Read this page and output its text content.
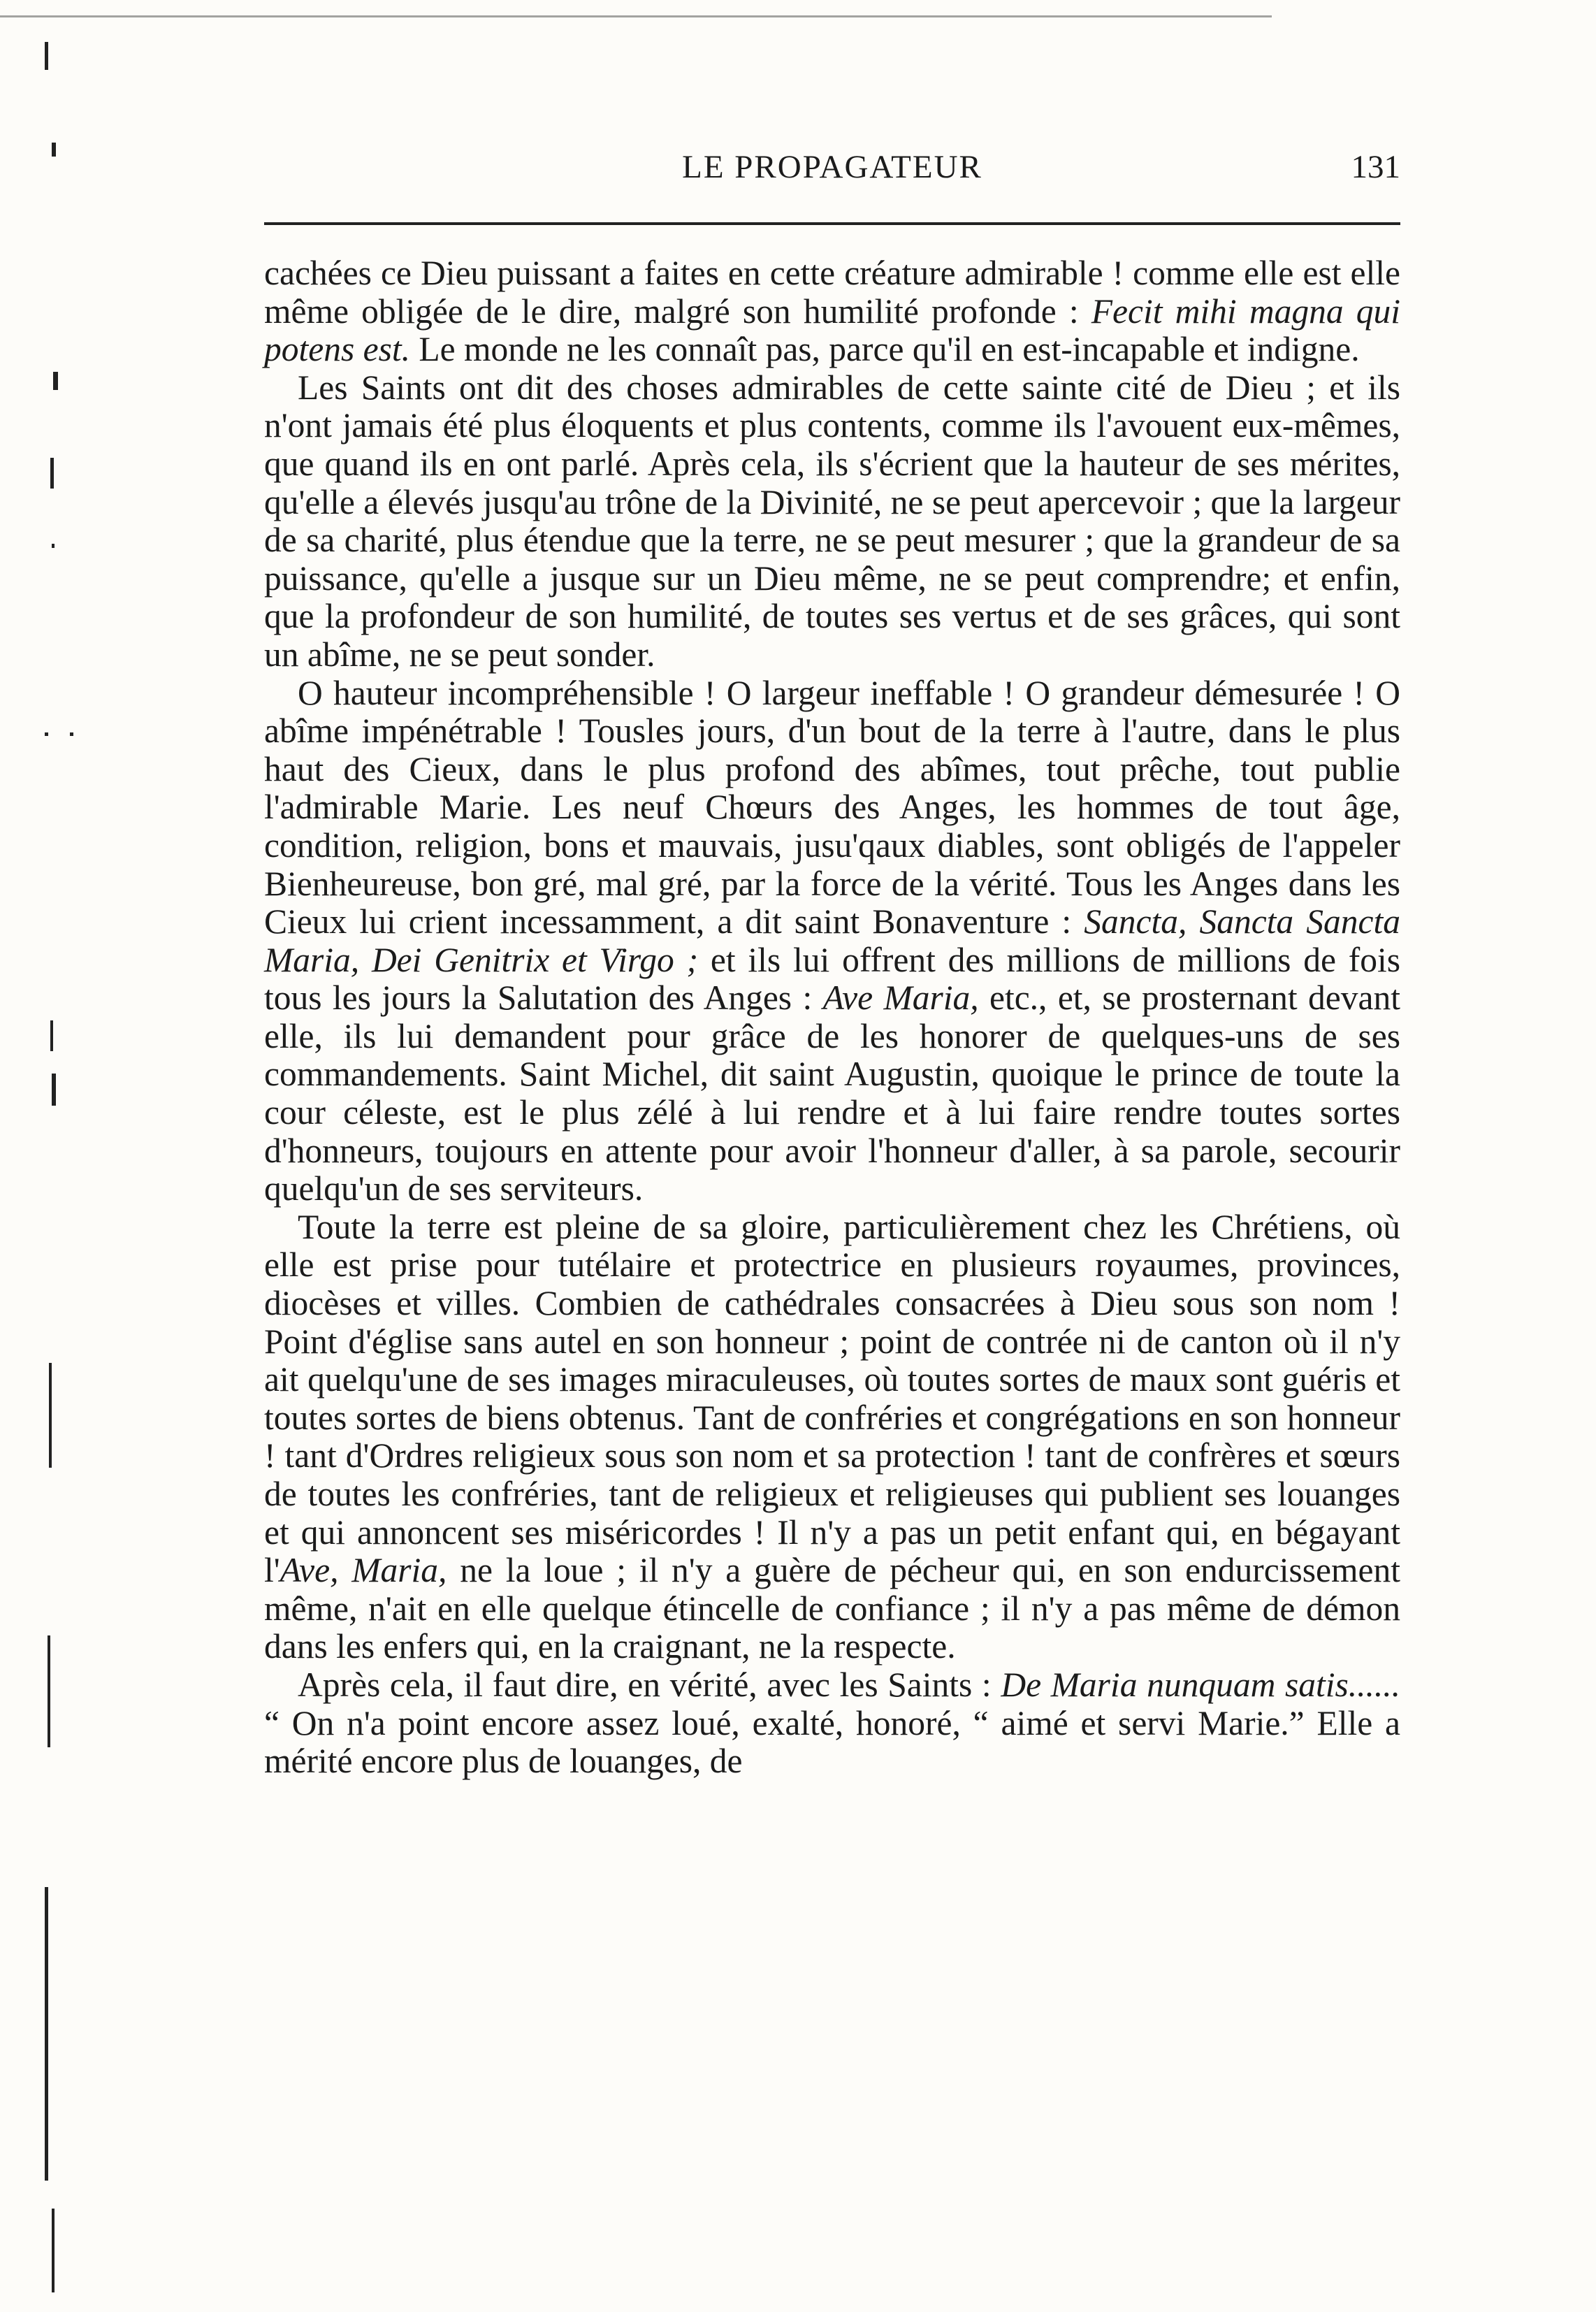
LE PROPAGATEUR	131

cachées ce Dieu puissant a faites en cette créature admirable ! comme elle est elle même obligée de le dire, malgré son humilité profonde : Fecit mihi magna qui potens est. Le monde ne les connaît pas, parce qu'il en est-incapable et indigne.

Les Saints ont dit des choses admirables de cette sainte cité de Dieu ; et ils n'ont jamais été plus éloquents et plus contents, comme ils l'avouent eux-mêmes, que quand ils en ont parlé. Après cela, ils s'écrient que la hauteur de ses mérites, qu'elle a élevés jusqu'au trône de la Divinité, ne se peut apercevoir ; que la largeur de sa charité, plus étendue que la terre, ne se peut mesurer ; que la grandeur de sa puissance, qu'elle a jusque sur un Dieu même, ne se peut comprendre; et enfin, que la profondeur de son humilité, de toutes ses vertus et de ses grâces, qui sont un abîme, ne se peut sonder.

O hauteur incompréhensible ! O largeur ineffable ! O grandeur démesurée ! O abîme impénétrable ! Tousles jours, d'un bout de la terre à l'autre, dans le plus haut des Cieux, dans le plus profond des abîmes, tout prêche, tout publie l'admirable Marie. Les neuf Chœurs des Anges, les hommes de tout âge, condition, religion, bons et mauvais, jusu'qaux diables, sont obligés de l'appeler Bienheureuse, bon gré, mal gré, par la force de la vérité. Tous les Anges dans les Cieux lui crient incessamment, a dit saint Bonaventure : Sancta, Sancta Sancta Maria, Dei Genitrix et Virgo ; et ils lui offrent des millions de millions de fois tous les jours la Salutation des Anges : Ave Maria, etc., et, se prosternant devant elle, ils lui demandent pour grâce de les honorer de quelques-uns de ses commandements. Saint Michel, dit saint Augustin, quoique le prince de toute la cour céleste, est le plus zélé à lui rendre et à lui faire rendre toutes sortes d'honneurs, toujours en attente pour avoir l'honneur d'aller, à sa parole, secourir quelqu'un de ses serviteurs.

Toute la terre est pleine de sa gloire, particulièrement chez les Chrétiens, où elle est prise pour tutélaire et protectrice en plusieurs royaumes, provinces, diocèses et villes. Combien de cathédrales consacrées à Dieu sous son nom ! Point d'église sans autel en son honneur ; point de contrée ni de canton où il n'y ait quelqu'une de ses images miraculeuses, où toutes sortes de maux sont guéris et toutes sortes de biens obtenus. Tant de confréries et congrégations en son honneur ! tant d'Ordres religieux sous son nom et sa protection ! tant de confrères et sœurs de toutes les confréries, tant de religieux et religieuses qui publient ses louanges et qui annoncent ses miséricordes ! Il n'y a pas un petit enfant qui, en bégayant l'Ave, Maria, ne la loue ; il n'y a guère de pécheur qui, en son endurcissement même, n'ait en elle quelque étincelle de confiance ; il n'y a pas même de démon dans les enfers qui, en la craignant, ne la respecte.

Après cela, il faut dire, en vérité, avec les Saints : De Maria nunquam satis...... “ On n'a point encore assez loué, exalté, honoré, “ aimé et servi Marie.” Elle a mérité encore plus de louanges, de
